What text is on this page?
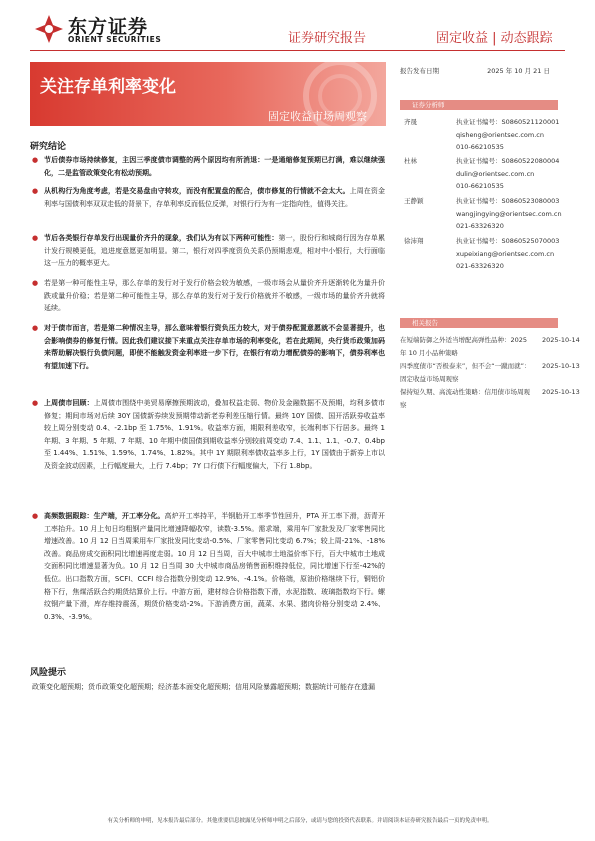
东方证券
ORIENT SECURITIES	证券研究报告	固定收益 | 动态跟踪
关注存单利率变化
固定收益市场周观察
报告发布日期	2025 年 10 月 21 日
证券分析师
齐晟	执业证书编号：S0860521120001
qisheng@orientsec.com.cn
010-66210535
杜林	执业证书编号：S0860522080004
dulin@orientsec.com.cn
010-66210535
王静颖	执业证书编号：S0860523080003
wangjingying@orientsec.com.cn
021-63326320
徐沛翔	执业证书编号：S0860525070003
xupeixiang@orientsec.com.cn
021-63326320
相关报告
在短端防御之外适当增配高弹性品种：2025 年 10 月小品种策略
2025-10-14
四季度债市“否极泰来”，但不会“一蹴而就”：固定收益市场周观察
2025-10-13
保持短久期、高流动性策略：信用债市场周观察
2025-10-13
研究结论
● 节后债券市场持续修复，主因三季度债市调整的两个原因均有所消退：一是通缩修复预期已打满，难以继续强化，二是监管政策变化有松动预期。
● 从机构行为角度考虑，若是交易盘由守转攻，而没有配置盘的配合，债市修复的行情就不会太大。上周在资金利率与国债利率双双走低的背景下，存单利率反而低位反弹，对银行行为有一定指向性，值得关注。
● 节后各类银行存单发行出现量价齐升的现象，我们认为有以下两种可能性：第一，股份行和城商行因为存单累计发行规模更低，追进度意愿更加明显。第二，银行对四季度资负关系仍预期悲观，相对中小银行，大行面临这一压力的概率更大。
● 若是第一种可能性主导，那么存单的发行对于发行价格会较为敏感，一级市场会从量价齐升逐渐转化为量升价跌或量升价稳；若是第二种可能性主导，那么存单的发行对于发行价格就并不敏感，一级市场的量价齐升就将延续。
● 对于债市而言，若是第二种情况主导，那么意味着银行资负压力较大，对于债券配置意愿就不会显著提升，也会影响债券的修复行情。因此我们建议接下来重点关注存单市场的利率变化，若在此期间，央行货币政策加码来帮助解决银行负债问题，即使不能触发资金利率进一步下行，在银行有动力增配债券的影响下，债券利率也有望加速下行。
● 上周债市回顾：上周债市围绕中美贸易摩擦预期波动，叠加权益走弱、物价及金融数据不及预期，均利多债市修复；期间市场对后续 30Y 国债新券续发预期带动新老券利差压缩行情。最终 10Y 国债、国开活跃券收益率较上周分别变动 0.4、-2.1bp 至 1.75%、1.91%。收益率方面，期限利差收窄，长端利率下行居多。最终 1 年期、3 年期、5 年期、7 年期、10 年期中债国债到期收益率分别较前周变动 7.4、1.1、1.1、-0.7、0.4bp 至 1.44%、1.51%、1.59%、1.74%、1.82%。其中 1Y 期限利率债收益率多上行，1Y 国债由于新券上市以及资金波动因素，上行幅度最大，上行 7.4bp；7Y 口行债下行幅度偏大，下行 1.8bp。
● 高频数据跟踪：生产端，开工率分化。高炉开工率持平，半钢胎开工率季节性回升，PTA 开工率下滑，沥青开工率抬升。10 月上旬日均粗钢产量同比增速降幅收窄，读数-3.5%。需求端，乘用车厂家批发及厂家零售同比增速改善。10 月 12 日当周乘用车厂家批发同比变动-0.5%、厂家零售同比变动 6.7%；较上周-21%、-18%改善。商品房成交面积同比增速再度走弱。10 月 12 日当周，百大中城市土地溢价率下行，百大中城市土地成交面积同比增速显著为负。10 月 12 日当周 30 大中城市商品房销售面积维持低位，同比增速下行至-42%的低位。出口指数方面，SCFI、CCFI 综合指数分别变动 12.9%、-4.1%。价格端，原油价格继续下行，铜铝价格下行，焦煤活跃合约期货结算价上行。中游方面，建材综合价格指数下滑，水泥指数、玻璃指数均下行。螺纹钢产量下滑，库存维持震荡，期货价格变动-2%。下游消费方面，蔬菜、水果、猪肉价格分别变动 2.4%、0.3%、-3.9%。
风险提示
政策变化超预期；货币政策变化超预期；经济基本面变化超预期；信用风险暴露超预期；数据统计可能存在遗漏
有关分析师的申明，见本报告最后部分。其他重要信息披露见分析师申明之后部分，或请与您的投资代表联系。并请阅读本证券研究报告最后一页的免责申明。
